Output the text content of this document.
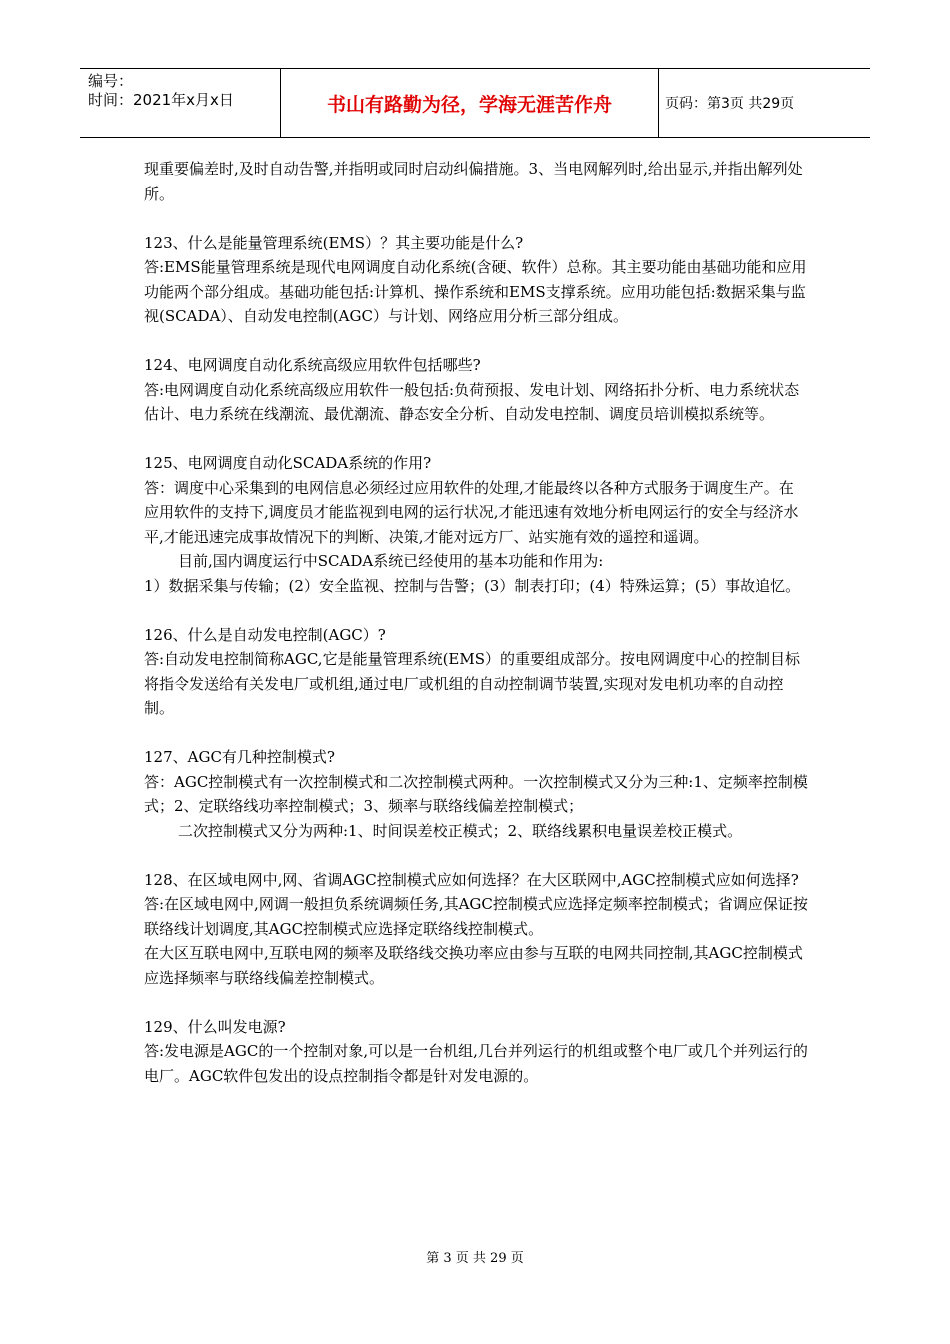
编号：
时间：2021年x月x日	书山有路勤为径，学海无涯苦作舟	页码：第3页 共29页

现重要偏差时,及时自动告警,并指明或同时启动纠偏措施。3、当电网解列时,给出显示,并指出解列处所。

123、什么是能量管理系统(EMS）？其主要功能是什么?

答:EMS能量管理系统是现代电网调度自动化系统(含硬、软件）总称。其主要功能由基础功能和应用功能两个部分组成。基础功能包括:计算机、操作系统和EMS支撑系统。应用功能包括:数据采集与监视(SCADA）、自动发电控制(AGC）与计划、网络应用分析三部分组成。

124、电网调度自动化系统高级应用软件包括哪些?

答:电网调度自动化系统高级应用软件一般包括:负荷预报、发电计划、网络拓扑分析、电力系统状态估计、电力系统在线潮流、最优潮流、静态安全分析、自动发电控制、调度员培训模拟系统等。

125、电网调度自动化SCADA系统的作用?

答：调度中心采集到的电网信息必须经过应用软件的处理,才能最终以各种方式服务于调度生产。在应用软件的支持下,调度员才能监视到电网的运行状况,才能迅速有效地分析电网运行的安全与经济水平,才能迅速完成事故情况下的判断、决策,才能对远方厂、站实施有效的遥控和遥调。

目前,国内调度运行中SCADA系统已经使用的基本功能和作用为:

1）数据采集与传输；(2）安全监视、控制与告警；(3）制表打印；(4）特殊运算；(5）事故追忆。

126、什么是自动发电控制(AGC）?

答:自动发电控制简称AGC,它是能量管理系统(EMS）的重要组成部分。按电网调度中心的控制目标将指令发送给有关发电厂或机组,通过电厂或机组的自动控制调节装置,实现对发电机功率的自动控制。

127、AGC有几种控制模式?

答：AGC控制模式有一次控制模式和二次控制模式两种。一次控制模式又分为三种:1、定频率控制模式；2、定联络线功率控制模式；3、频率与联络线偏差控制模式；

二次控制模式又分为两种:1、时间误差校正模式；2、联络线累积电量误差校正模式。

128、在区域电网中,网、省调AGC控制模式应如何选择？在大区联网中,AGC控制模式应如何选择?

答:在区域电网中,网调一般担负系统调频任务,其AGC控制模式应选择定频率控制模式；省调应保证按联络线计划调度,其AGC控制模式应选择定联络线控制模式。

在大区互联电网中,互联电网的频率及联络线交换功率应由参与互联的电网共同控制,其AGC控制模式应选择频率与联络线偏差控制模式。

129、什么叫发电源?

答:发电源是AGC的一个控制对象,可以是一台机组,几台并列运行的机组或整个电厂或几个并列运行的电厂。AGC软件包发出的设点控制指令都是针对发电源的。

第 3 页 共 29 页
